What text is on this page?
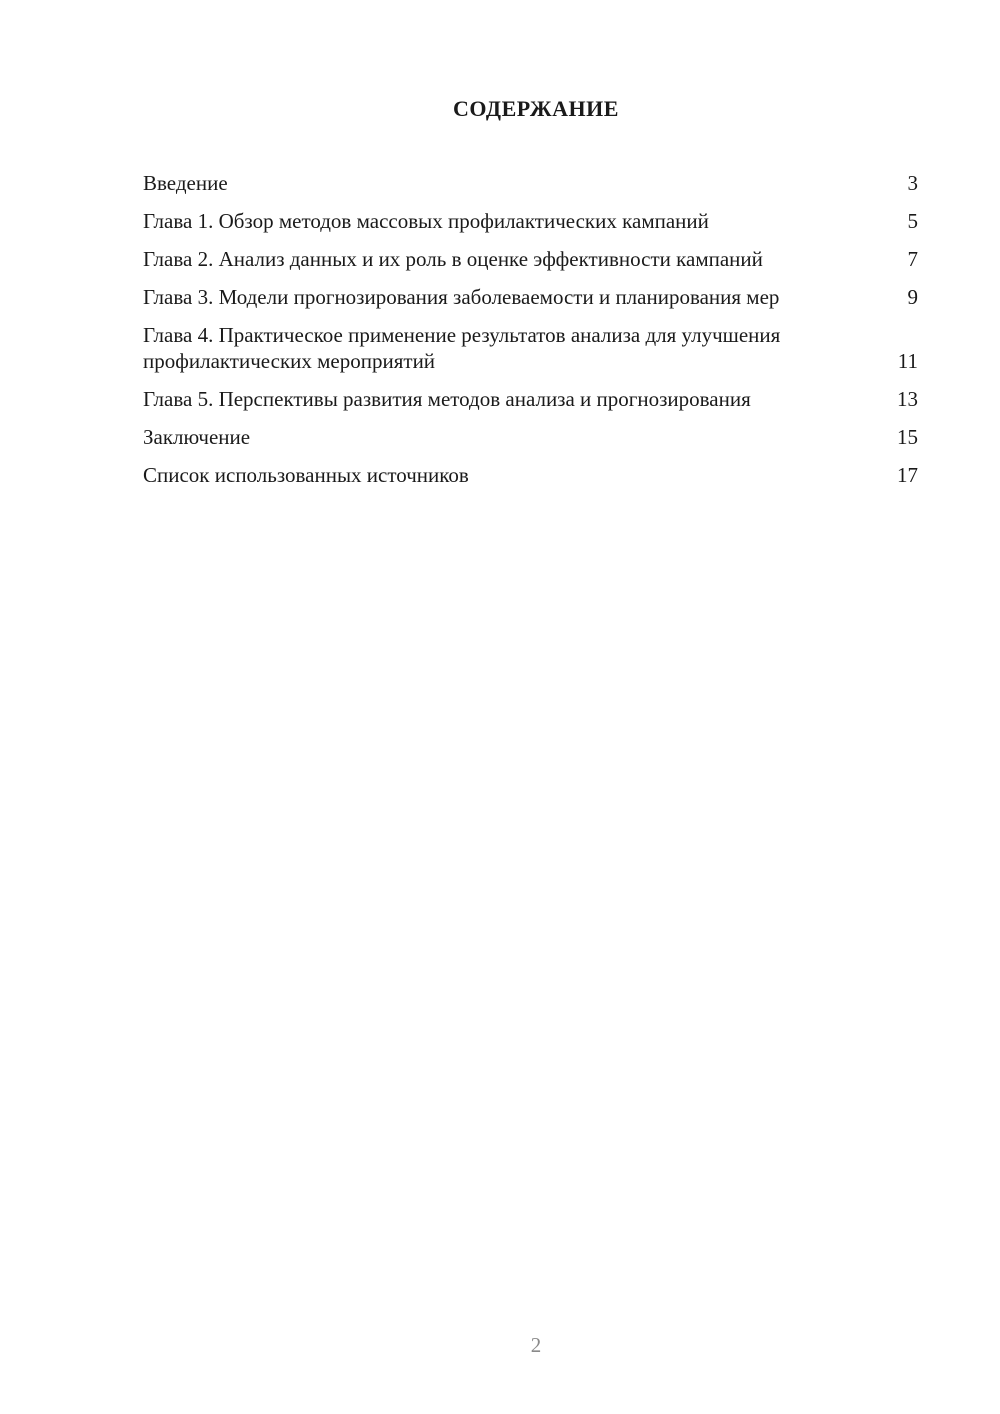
СОДЕРЖАНИЕ
Введение	3
Глава 1. Обзор методов массовых профилактических кампаний	5
Глава 2. Анализ данных и их роль в оценке эффективности кампаний	7
Глава 3. Модели прогнозирования заболеваемости и планирования мер	9
Глава 4. Практическое применение результатов анализа для улучшения профилактических мероприятий	11
Глава 5. Перспективы развития методов анализа и прогнозирования	13
Заключение	15
Список использованных источников	17
2
